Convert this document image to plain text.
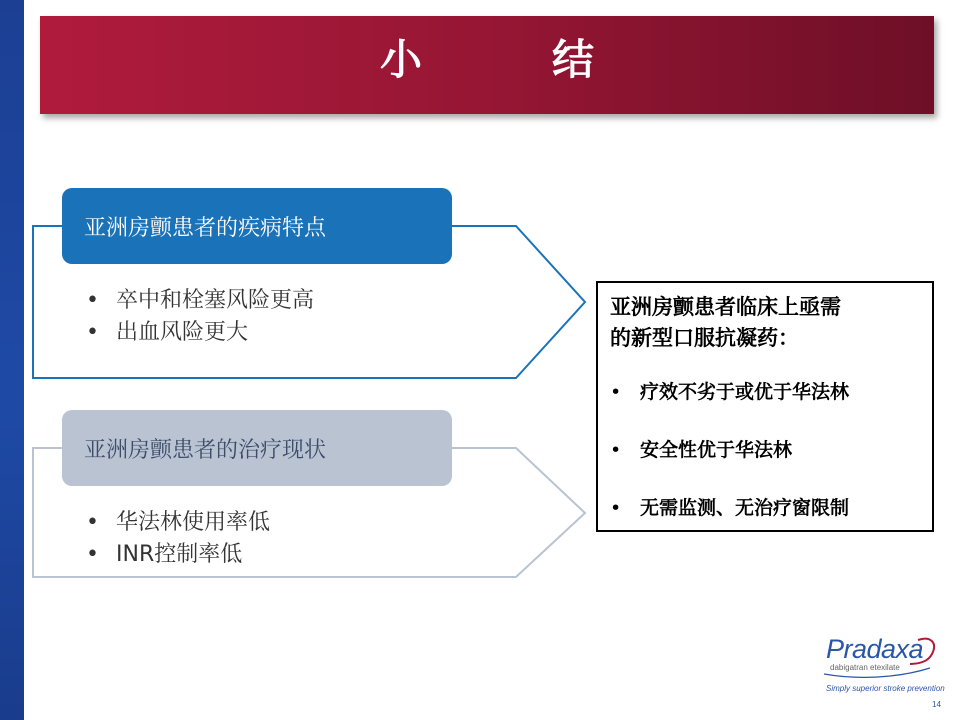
小　结
亚洲房颤患者的疾病特点
• 卒中和栓塞风险更高
• 出血风险更大
亚洲房颤患者的治疗现状
• 华法林使用率低
• INR控制率低
亚洲房颤患者临床上亟需
的新型口服抗凝药：
• 疗效不劣于或优于华法林
• 安全性优于华法林
• 无需监测、无治疗窗限制
Pradaxa
dabigatran etexilate
Simply superior stroke prevention
14
